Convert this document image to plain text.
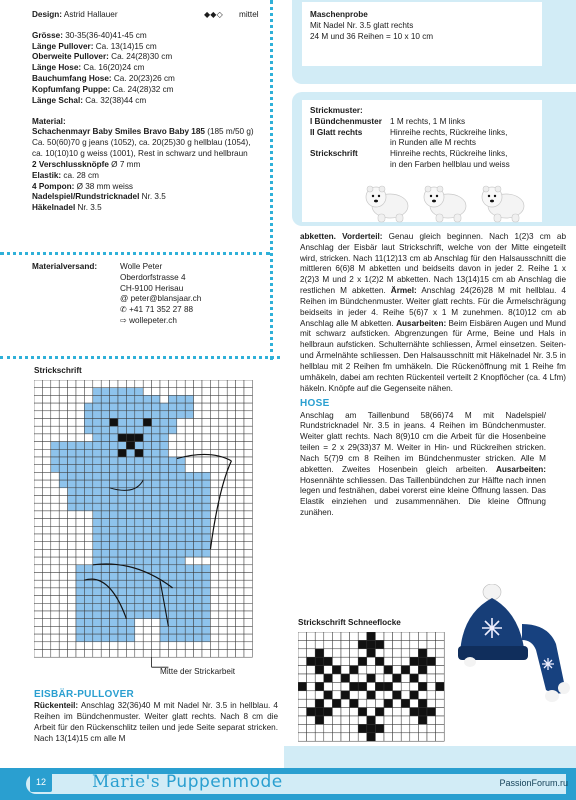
Design: Astrid Hallauer	◆◆◇ mittel
Grösse: 30-35(36-40)41-45 cm
Länge Pullover: Ca. 13(14)15 cm
Oberweite Pullover: Ca. 24(28)30 cm
Länge Hose: Ca. 16(20)24 cm
Bauchumfang Hose: Ca. 20(23)26 cm
Kopfumfang Puppe: Ca. 24(28)32 cm
Länge Schal: Ca. 32(38)44 cm
Material:
Schachenmayr Baby Smiles Bravo Baby 185 (185 m/50 g)
Ca. 50(60)70 g jeans (1052), ca. 20(25)30 g hellblau (1054),
ca. 10(10)10 g weiss (1001), Rest in schwarz und hellbraun
2 Verschlussknöpfe Ø 7 mm
Elastik: ca. 28 cm
4 Pompon: Ø 38 mm weiss
Nadelspiel/Rundstricknadel Nr. 3.5
Häkelnadel Nr. 3.5
Materialversand:	Wolle Peter
Oberdorfstrasse 4
CH-9100 Herisau
@ peter@blansjaar.ch
✆ +41 71 352 27 88
⇨ wollepeter.ch
Maschenprobe
Mit Nadel Nr. 3.5 glatt rechts
24 M und 36 Reihen = 10 x 10 cm
Strickmuster:
I Bündchenmuster 1 M rechts, 1 M links
II Glatt rechts	Hinreihe rechts, Rückreihe links,
in Runden alle M rechts
Strickschrift	Hinreihe rechts, Rückreihe links,
in den Farben hellblau und weiss

abketten. Vorderteil: Genau gleich beginnen. Nach 1(2)3 cm ab Anschlag der Eisbär laut Strickschrift, welche von der Mitte eingeteilt wird, stricken. Nach 11(12)13 cm ab Anschlag für den Halsausschnitt die mittleren 6(6)8 M abketten und beidseits davon in jeder 2. Reihe 1 x 2(2)3 M und 2 x 1(2)2 M abketten. Nach 13(14)15 cm ab Anschlag die restlichen M abketten. Ärmel: Anschlag 24(26)28 M mit hellblau. 4 Reihen im Bündchenmuster. Weiter glatt rechts. Für die Ärmelschrägung beidseits in jeder 4. Reihe 5(6)7 x 1 M zunehmen. 8(10)12 cm ab Anschlag alle M abketten. Ausarbeiten: Beim Eisbären Augen und Mund mit schwarz aufsticken. Abgrenzungen für Arme, Beine und Hals in hellbraun aufsticken. Schulternähte schliessen, Ärmel einsetzen. Seiten- und Ärmelnähte schliessen. Den Halsausschnitt mit Häkelnadel Nr. 3.5 in hellblau mit 2 Reihen fm umhäkeln. Die Rückenöffnung mit 1 Reihe fm umhäkeln, dabei am rechten Rückenteil verteilt 2 Knopflöcher (ca. 4 Lfm) häkeln. Knöpfe auf die Gegenseite nähen.

HOSE

Anschlag am Taillenbund 58(66)74 M mit Nadelspiel/ Rundstricknadel Nr. 3.5 in jeans. 4 Reihen im Bündchenmuster. Weiter glatt rechts. Nach 8(9)10 cm die Arbeit für die Hosenbeine teilen = 2 x 29(33)37 M. Weiter in Hin- und Rückreihen stricken. Nach 5(7)9 cm 8 Reihen im Bündchenmuster stricken. Alle M abketten. Zweites Hosenbein gleich arbeiten. Ausarbeiten: Hosennähte schliessen. Das Taillenbündchen zur Hälfte nach innen legen und festnähen, dabei vorerst eine kleine Öffnung lassen. Das Elastik einziehen und zusammennähen. Die kleine Öffnung zunähen.

Strickschrift
Mitte der Strickarbeit
EISBÄR-PULLOVER

Rückenteil: Anschlag 32(36)40 M mit Nadel Nr. 3.5 in hellblau. 4 Reihen im Bündchenmuster. Weiter glatt rechts. Nach 8 cm die Arbeit für den Rückenschlitz teilen und jede Seite separat stricken. Nach 13(14)15 cm alle M

Strickschrift Schneeflocke
12	Marie's Puppenmode	PassionForum.ru
